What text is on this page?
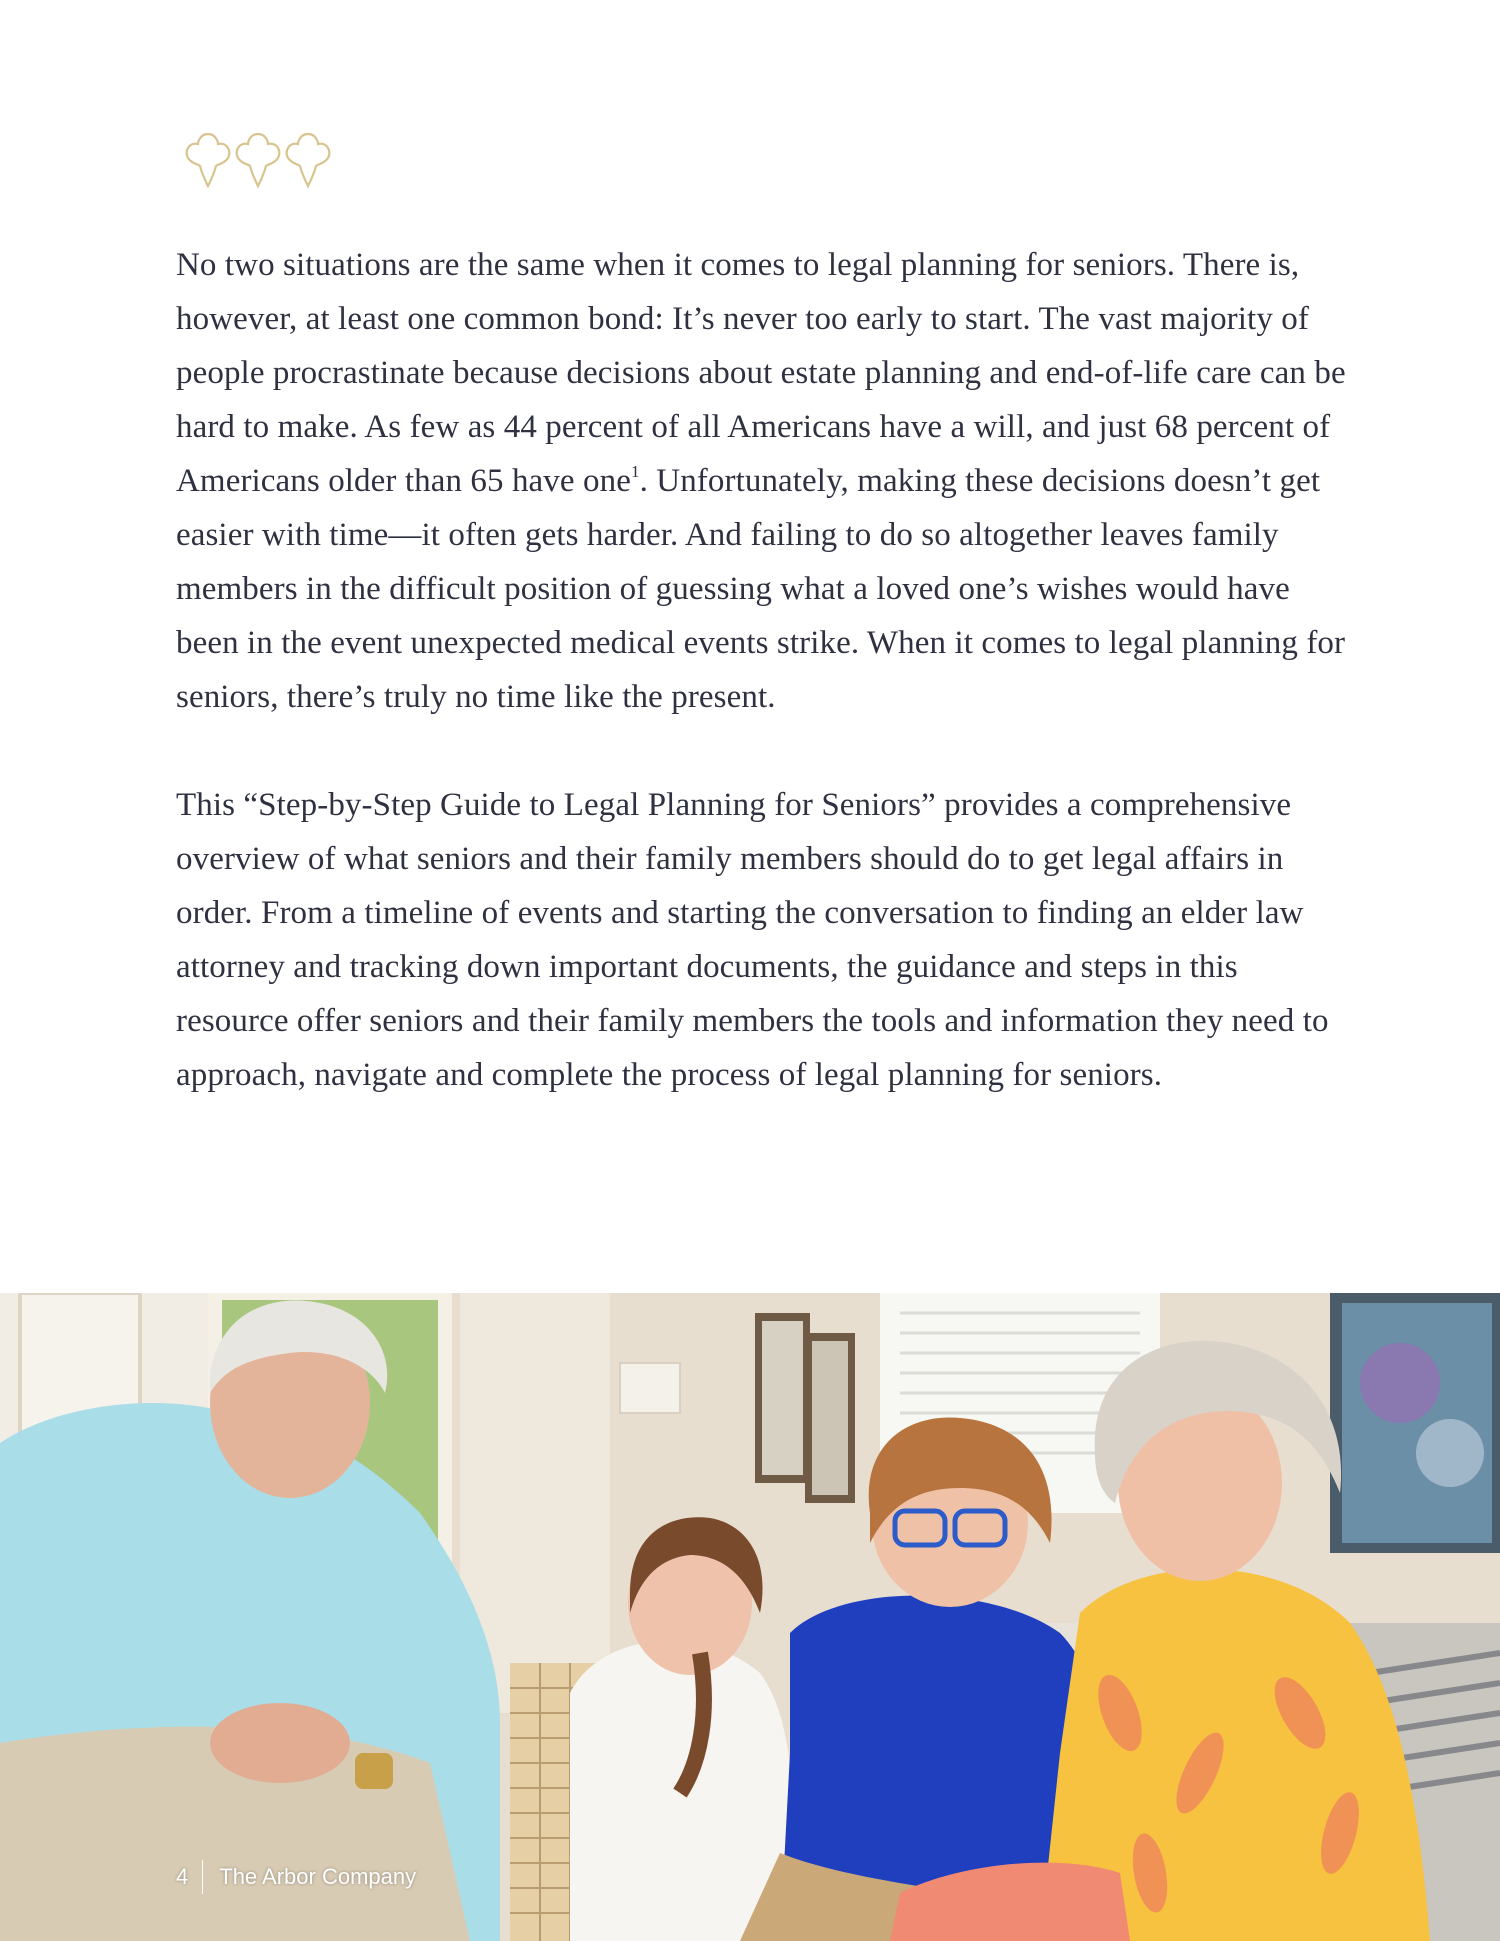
No two situations are the same when it comes to legal planning for seniors. There is, however, at least one common bond: It’s never too early to start. The vast majority of people procrastinate because decisions about estate planning and end-of-life care can be hard to make. As few as 44 percent of all Americans have a will, and just 68 percent of Americans older than 65 have one$^1$. Unfortunately, making these decisions doesn’t get easier with time—it often gets harder. And failing to do so altogether leaves family members in the difficult position of guessing what a loved one’s wishes would have been in the event unexpected medical events strike. When it comes to legal planning for seniors, there’s truly no time like the present.

This “Step-by-Step Guide to Legal Planning for Seniors” provides a comprehensive overview of what seniors and their family members should do to get legal affairs in order. From a timeline of events and starting the conversation to finding an elder law attorney and tracking down important documents, the guidance and steps in this resource offer seniors and their family members the tools and information they need to approach, navigate and complete the process of legal planning for seniors.

4	The Arbor Company
